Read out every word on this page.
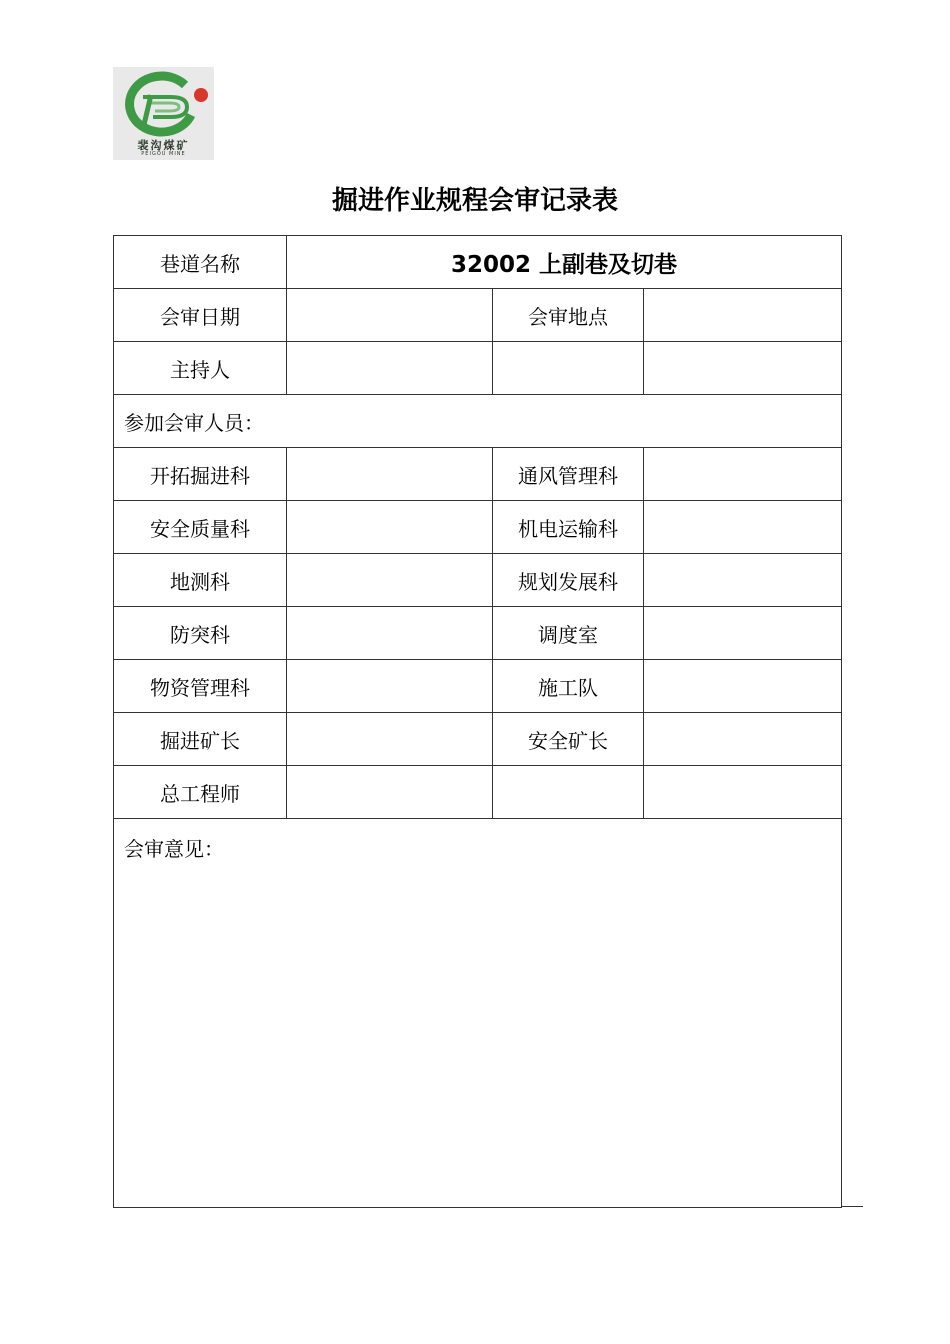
裴沟煤矿
PEIGOU MINE
掘进作业规程会审记录表
巷道名称	32002 上副巷及切巷		
会审日期		会审地点	
主持人			
参加会审人员：			
开拓掘进科		通风管理科	
安全质量科		机电运输科	
地测科		规划发展科	
防突科		调度室	
物资管理科		施工队	
掘进矿长		安全矿长	
总工程师			
会审意见：			
